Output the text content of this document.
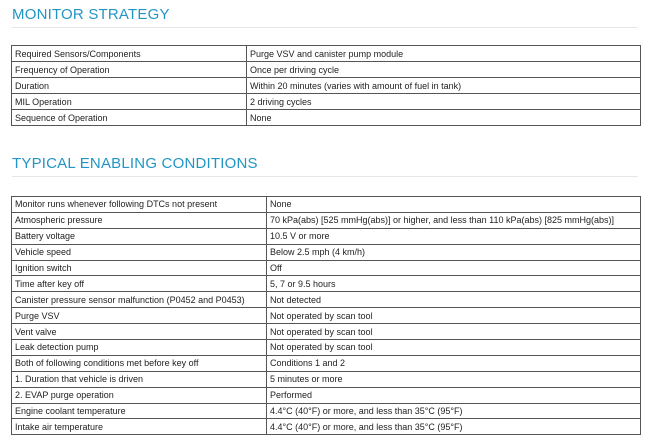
MONITOR STRATEGY
Required Sensors/Components	Purge VSV and canister pump module
Frequency of Operation	Once per driving cycle
Duration	Within 20 minutes (varies with amount of fuel in tank)
MIL Operation	2 driving cycles
Sequence of Operation	None
TYPICAL ENABLING CONDITIONS
Monitor runs whenever following DTCs not present	None
Atmospheric pressure	70 kPa(abs) [525 mmHg(abs)] or higher, and less than 110 kPa(abs) [825 mmHg(abs)]
Battery voltage	10.5 V or more
Vehicle speed	Below 2.5 mph (4 km/h)
Ignition switch	Off
Time after key off	5, 7 or 9.5 hours
Canister pressure sensor malfunction (P0452 and P0453)	Not detected
Purge VSV	Not operated by scan tool
Vent valve	Not operated by scan tool
Leak detection pump	Not operated by scan tool
Both of following conditions met before key off	Conditions 1 and 2
1. Duration that vehicle is driven	5 minutes or more
2. EVAP purge operation	Performed
Engine coolant temperature	4.4°C (40°F) or more, and less than 35°C (95°F)
Intake air temperature	4.4°C (40°F) or more, and less than 35°C (95°F)
